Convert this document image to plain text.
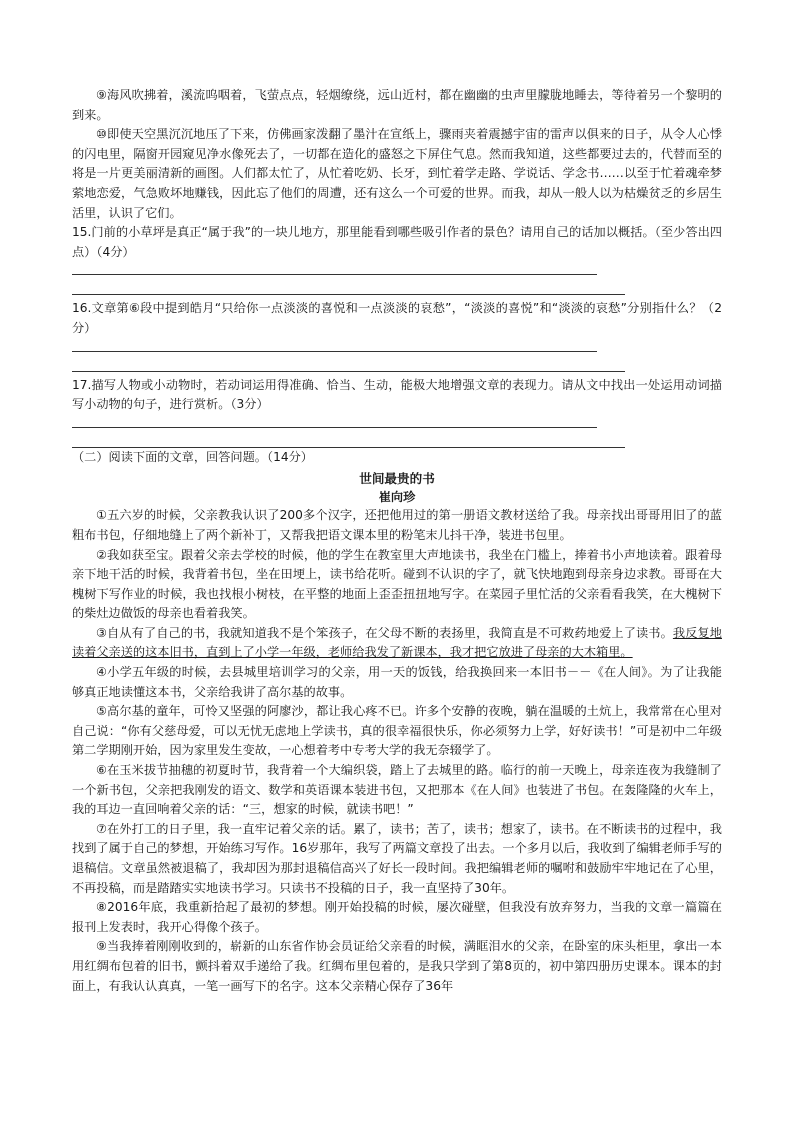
⑨海风吹拂着，溪流呜咽着，飞萤点点，轻烟缭绕，远山近村，都在幽幽的虫声里朦胧地睡去，等待着另一个黎明的到来。

⑩即使天空黑沉沉地压了下来，仿佛画家泼翻了墨汁在宣纸上，骤雨夹着震撼宇宙的雷声以俱来的日子，从令人心悸的闪电里，隔窗开园窥见净水像死去了，一切都在造化的盛怒之下屏住气息。然而我知道，这些都要过去的，代替而至的将是一片更美丽清新的画图。人们都太忙了，从忙着吃奶、长牙，到忙着学走路、学说话、学念书……以至于忙着魂牵梦萦地恋爱，气急败坏地赚钱，因此忘了他们的周遭，还有这么一个可爱的世界。而我，却从一般人以为枯燥贫乏的乡居生活里，认识了它们。

15.门前的小草坪是真正“属于我”的一块儿地方，那里能看到哪些吸引作者的景色？请用自己的话加以概括。（至少答出四点）（4分）

16.文章第⑥段中提到皓月“只给你一点淡淡的喜悦和一点淡淡的哀愁”，“淡淡的喜悦”和“淡淡的哀愁”分别指什么？（2分）

17.描写人物或小动物时，若动词运用得准确、恰当、生动，能极大地增强文章的表现力。请从文中找出一处运用动词描写小动物的句子，进行赏析。（3分）

（二）阅读下面的文章，回答问题。（14分）

世间最贵的书

崔向珍

①五六岁的时候，父亲教我认识了200多个汉字，还把他用过的第一册语文教材送给了我。母亲找出哥哥用旧了的蓝粗布书包，仔细地缝上了两个新补丁，又帮我把语文课本里的粉笔末儿抖干净，装进书包里。

②我如获至宝。跟着父亲去学校的时候，他的学生在教室里大声地读书，我坐在门槛上，捧着书小声地读着。跟着母亲下地干活的时候，我背着书包，坐在田埂上，读书给花听。碰到不认识的字了，就飞快地跑到母亲身边求教。哥哥在大槐树下写作业的时候，我也找根小树枝，在平整的地面上歪歪扭扭地写字。在菜园子里忙活的父亲看看我笑，在大槐树下的柴灶边做饭的母亲也看着我笑。

③自从有了自己的书，我就知道我不是个笨孩子，在父母不断的表扬里，我简直是不可救药地爱上了读书。我反复地读着父亲送的这本旧书，直到上了小学一年级，老师给我发了新课本，我才把它放进了母亲的大木箱里。

④小学五年级的时候，去县城里培训学习的父亲，用一天的饭钱，给我换回来一本旧书－－《在人间》。为了让我能够真正地读懂这本书，父亲给我讲了高尔基的故事。

⑤高尔基的童年，可怜又坚强的阿廖沙，都让我心疼不已。许多个安静的夜晚，躺在温暖的土炕上，我常常在心里对自己说：“你有父慈母爱，可以无忧无虑地上学读书，真的很幸福很快乐，你必须努力上学，好好读书！”可是初中二年级第二学期刚开始，因为家里发生变故，一心想着考中专考大学的我无奈辍学了。

⑥在玉米拔节抽穗的初夏时节，我背着一个大编织袋，踏上了去城里的路。临行的前一天晚上，母亲连夜为我缝制了一个新书包，父亲把我刚发的语文、数学和英语课本装进书包，又把那本《在人间》也装进了书包。在轰隆隆的火车上，我的耳边一直回响着父亲的话：“三，想家的时候，就读书吧！”

⑦在外打工的日子里，我一直牢记着父亲的话。累了，读书；苦了，读书；想家了，读书。在不断读书的过程中，我找到了属于自己的梦想，开始练习写作。16岁那年，我写了两篇文章投了出去。一个多月以后，我收到了编辑老师手写的退稿信。文章虽然被退稿了，我却因为那封退稿信高兴了好长一段时间。我把编辑老师的嘱咐和鼓励牢牢地记在了心里，不再投稿，而是踏踏实实地读书学习。只读书不投稿的日子，我一直坚持了30年。

⑧2016年底，我重新拾起了最初的梦想。刚开始投稿的时候，屡次碰壁，但我没有放弃努力，当我的文章一篇篇在报刊上发表时，我开心得像个孩子。

⑨当我捧着刚刚收到的，崭新的山东省作协会员证给父亲看的时候，满眶泪水的父亲，在卧室的床头柜里，拿出一本用红绸布包着的旧书，颤抖着双手递给了我。红绸布里包着的，是我只学到了第8页的，初中第四册历史课本。课本的封面上，有我认认真真，一笔一画写下的名字。这本父亲精心保存了36年
